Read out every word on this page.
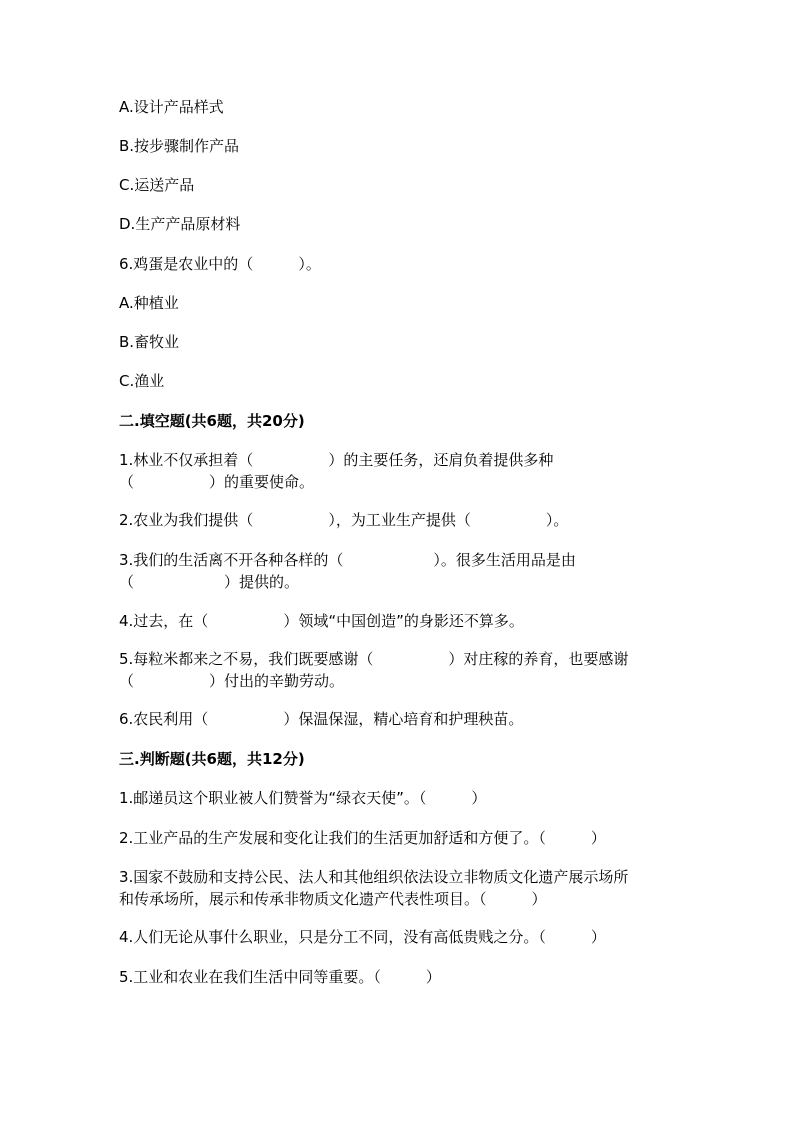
A.设计产品样式
B.按步骤制作产品
C.运送产品
D.生产产品原材料
6.鸡蛋是农业中的（　　　）。
A.种植业
B.畜牧业
C.渔业
二.填空题(共6题，共20分)
1.林业不仅承担着（　　　　　）的主要任务，还肩负着提供多种
（　　　　　）的重要使命。
2.农业为我们提供（　　　　　），为工业生产提供（　　　　　）。
3.我们的生活离不开各种各样的（　　　　　　）。很多生活用品是由
（　　　　　　）提供的。
4.过去，在（　　　　　）领域“中国创造”的身影还不算多。
5.每粒米都来之不易，我们既要感谢（　　　　　）对庄稼的养育，也要感谢
（　　　　　）付出的辛勤劳动。
6.农民利用（　　　　　）保温保湿，精心培育和护理秧苗。
三.判断题(共6题，共12分)
1.邮递员这个职业被人们赞誉为“绿衣天使”。（　　　）
2.工业产品的生产发展和变化让我们的生活更加舒适和方便了。（　　　）
3.国家不鼓励和支持公民、法人和其他组织依法设立非物质文化遗产展示场所
和传承场所，展示和传承非物质文化遗产代表性项目。（　　　）
4.人们无论从事什么职业，只是分工不同，没有高低贵贱之分。（　　　）
5.工业和农业在我们生活中同等重要。（　　　）
